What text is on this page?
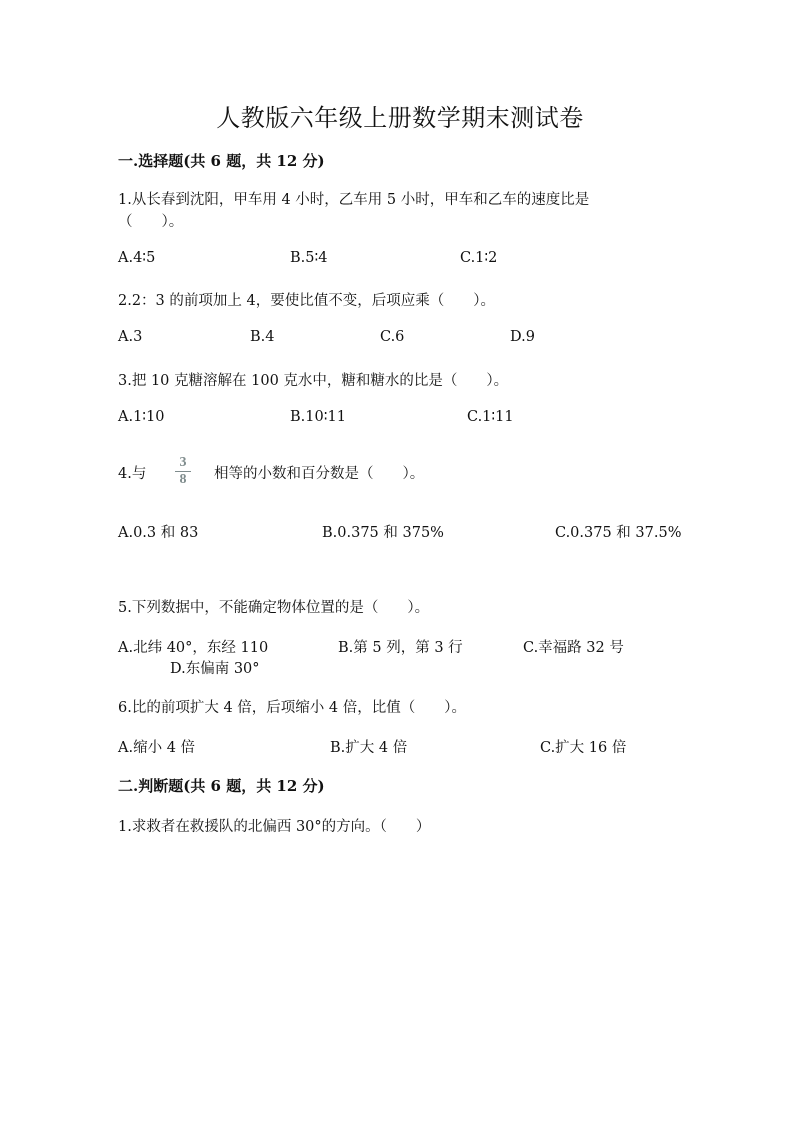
人教版六年级上册数学期末测试卷
一.选择题(共 6 题，共 12 分)
1.从长春到沈阳，甲车用 4 小时，乙车用 5 小时，甲车和乙车的速度比是
（　　）。
A.4∶5	B.5∶4	C.1∶2
2.2：3 的前项加上 4，要使比值不变，后项应乘（　　）。
A.3	B.4	C.6	D.9
3.把 10 克糖溶解在 100 克水中，糖和糖水的比是（　　）。
A.1∶10	B.10∶11	C.1∶11
4.与
3
8	相等的小数和百分数是（　　）。
A.0.3 和 83	B.0.375 和 375%	C.0.375 和 37.5%
5.下列数据中，不能确定物体位置的是（　　）。
A.北纬 40°，东经 110	B.第 5 列，第 3 行	C.幸福路 32 号
D.东偏南 30°
6.比的前项扩大 4 倍，后项缩小 4 倍，比值（　　）。
A.缩小 4 倍	B.扩大 4 倍	C.扩大 16 倍
二.判断题(共 6 题，共 12 分)
1.求救者在救援队的北偏西 30°的方向。（　　）
